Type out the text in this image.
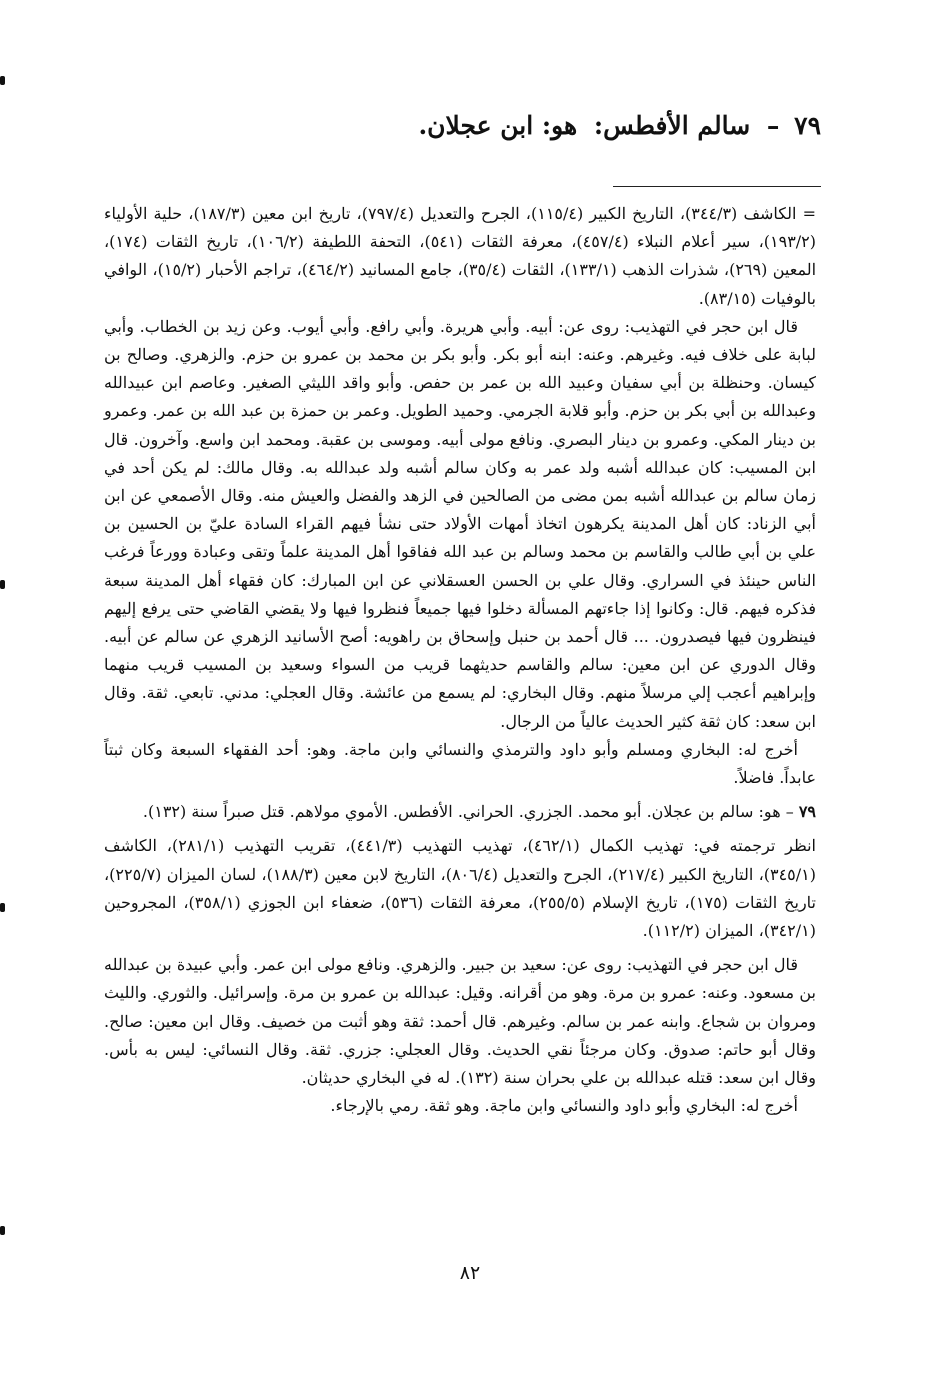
٧٩ – سالم الأفطس: هو: ابن عجلان.

= الكاشف (٣٤٤/٣)، التاريخ الكبير (١١٥/٤)، الجرح والتعديل (٧٩٧/٤)، تاريخ ابن معين (١٨٧/٣)، حلية الأولياء (١٩٣/٢)، سير أعلام النبلاء (٤٥٧/٤)، معرفة الثقات (٥٤١)، التحفة اللطيفة (١٠٦/٢)، تاريخ الثقات (١٧٤)، المعين (٢٦٩)، شذرات الذهب (١٣٣/١)، الثقات (٣٥/٤)، جامع المسانيد (٤٦٤/٢)، تراجم الأحبار (١٥/٢)، الوافي بالوفيات (٨٣/١٥).

قال ابن حجر في التهذيب: روى عن: أبيه. وأبي هريرة. وأبي رافع. وأبي أيوب. وعن زيد بن الخطاب. وأبي لبابة على خلاف فيه. وغيرهم. وعنه: ابنه أبو بكر. وأبو بكر بن محمد بن عمرو بن حزم. والزهري. وصالح بن كيسان. وحنظلة بن أبي سفيان وعبيد الله بن عمر بن حفص. وأبو واقد الليثي الصغير. وعاصم ابن عبيدالله وعبدالله بن أبي بكر بن حزم. وأبو قلابة الجرمي. وحميد الطويل. وعمر بن حمزة بن عبد الله بن عمر. وعمرو بن دينار المكي. وعمرو بن دينار البصري. ونافع مولى أبيه. وموسى بن عقبة. ومحمد ابن واسع. وآخرون. قال ابن المسيب: كان عبدالله أشبه ولد عمر به وكان سالم أشبه ولد عبدالله به. وقال مالك: لم يكن أحد في زمان سالم بن عبدالله أشبه بمن مضى من الصالحين في الزهد والفضل والعيش منه. وقال الأصمعي عن ابن أبي الزناد: كان أهل المدينة يكرهون اتخاذ أمهات الأولاد حتى نشأ فيهم القراء السادة عليّ بن الحسين بن علي بن أبي طالب والقاسم بن محمد وسالم بن عبد الله ففاقوا أهل المدينة علماً وتقى وعبادة وورعاً فرغب الناس حينئذ في السراري. وقال علي بن الحسن العسقلاني عن ابن المبارك: كان فقهاء أهل المدينة سبعة فذكره فيهم. قال: وكانوا إذا جاءتهم المسألة دخلوا فيها جميعاً فنظروا فيها ولا يقضي القاضي حتى يرفع إليهم فينظرون فيها فيصدرون. ... قال أحمد بن حنبل وإسحاق بن راهويه: أصح الأسانيد الزهري عن سالم عن أبيه. وقال الدوري عن ابن معين: سالم والقاسم حديثهما قريب من السواء وسعيد بن المسيب قريب منهما وإبراهيم أعجب إلي مرسلاً منهم. وقال البخاري: لم يسمع من عائشة. وقال العجلي: مدني. تابعي. ثقة. وقال ابن سعد: كان ثقة كثير الحديث عالياً من الرجال.

أخرج له: البخاري ومسلم وأبو داود والترمذي والنسائي وابن ماجة. وهو: أحد الفقهاء السبعة وكان ثبتاً عابداً. فاضلاً.

٧٩ – هو: سالم بن عجلان. أبو محمد. الجزري. الحراني. الأفطس. الأموي مولاهم. قتل صبراً سنة (١٣٢).

انظر ترجمته في: تهذيب الكمال (٤٦٢/١)، تهذيب التهذيب (٤٤١/٣)، تقريب التهذيب (٢٨١/١)، الكاشف (٣٤٥/١)، التاريخ الكبير (٢١٧/٤)، الجرح والتعديل (٨٠٦/٤)، التاريخ لابن معين (١٨٨/٣)، لسان الميزان (٢٢٥/٧)، تاريخ الثقات (١٧٥)، تاريخ الإسلام (٢٥٥/٥)، معرفة الثقات (٥٣٦)، ضعفاء ابن الجوزي (٣٥٨/١)، المجروحين (٣٤٢/١)، الميزان (١١٢/٢).

قال ابن حجر في التهذيب: روى عن: سعيد بن جبير. والزهري. ونافع مولى ابن عمر. وأبي عبيدة بن عبدالله بن مسعود. وعنه: عمرو بن مرة. وهو من أقرانه. وقيل: عبدالله بن عمرو بن مرة. وإسرائيل. والثوري. والليث ومروان بن شجاع. وابنه عمر بن سالم. وغيرهم. قال أحمد: ثقة وهو أثبت من خصيف. وقال ابن معين: صالح. وقال أبو حاتم: صدوق. وكان مرجئاً نقي الحديث. وقال العجلي: جزري. ثقة. وقال النسائي: ليس به بأس. وقال ابن سعد: قتله عبدالله بن علي بحران سنة (١٣٢). له في البخاري حديثان.

أخرج له: البخاري وأبو داود والنسائي وابن ماجة. وهو ثقة. رمي بالإرجاء.

٨٢
